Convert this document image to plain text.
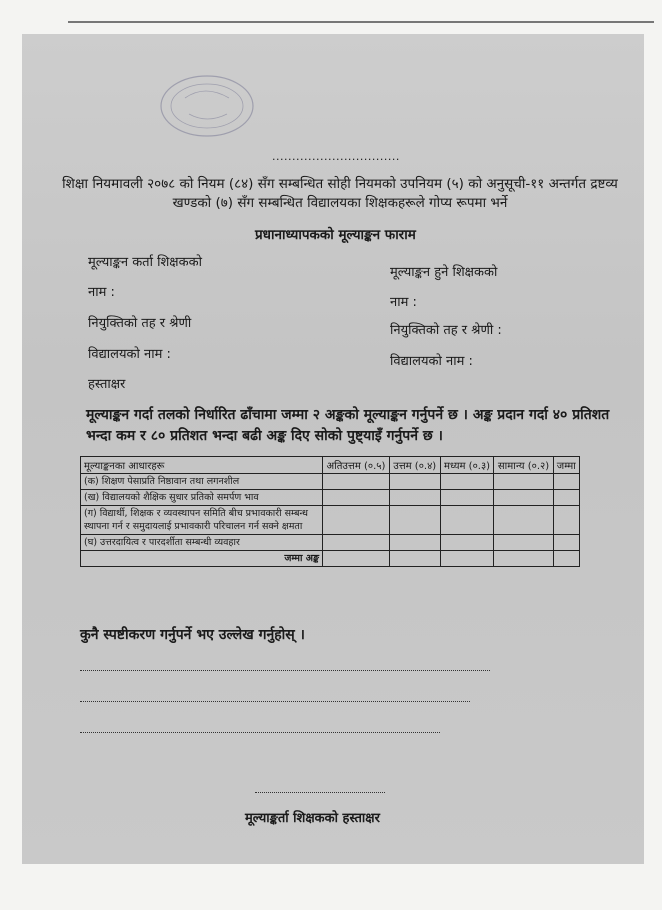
................................
शिक्षा नियमावली २०७८ को नियम (८४) सँग सम्बन्धित सोही नियमको उपनियम (५) को अनुसूची-११ अन्तर्गत द्रष्टव्य खण्डको (७) सँग सम्बन्धित विद्यालयका शिक्षकहरूले गोप्य रूपमा भर्ने
प्रधानाध्यापकको मूल्याङ्कन फाराम
मूल्याङ्कन कर्ता शिक्षकको
नाम :
नियुक्तिको तह र श्रेणी
विद्यालयको नाम :
हस्ताक्षर
मूल्याङ्कन हुने शिक्षककाे
नाम :
नियुक्तिको तह र श्रेणी :
विद्यालयको नाम :
मूल्याङ्कन गर्दा तलको निर्धारित ढाँचामा जम्मा २ अङ्कको मूल्याङ्कन गर्नुपर्ने छ । अङ्क प्रदान गर्दा ४० प्रतिशत भन्दा कम र ८० प्रतिशत भन्दा बढी अङ्क दिए सोको पुष्ट्याइँ गर्नुपर्ने छ ।
मूल्याङ्कनका आधारहरू	अतिउत्तम (०.५)	उत्तम (०.४)	मध्यम (०.३)	सामान्य (०.२)	जम्मा
(क) शिक्षण पेसाप्रति निष्ठावान तथा लगनशील					
(ख) विद्यालयको शैक्षिक सुधार प्रतिको समर्पण भाव					
(ग) विद्यार्थी, शिक्षक र व्यवस्थापन समिति बीच प्रभावकारी सम्बन्ध स्थापना गर्न र समुदायलाई प्रभावकारी परिचालन गर्न सक्ने क्षमता					
(घ) उत्तरदायित्व र पारदर्शीता सम्बन्धी व्यवहार					
जम्मा अङ्क					
कुनै स्पष्टीकरण गर्नुपर्ने भए उल्लेख गर्नुहोस् ।
मूल्याङ्कर्ता शिक्षकको हस्ताक्षर
